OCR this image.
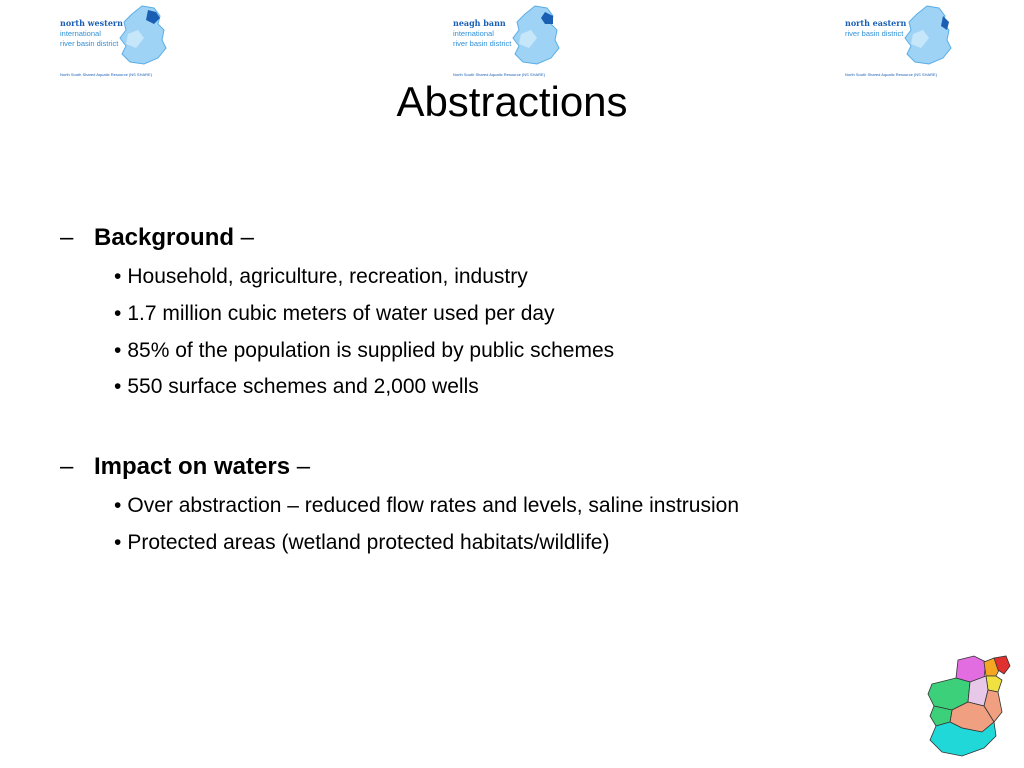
north western
international
river basin district
North South Shared Aquatic Resource (NS SHARE)
neagh bann
international
river basin district
North South Shared Aquatic Resource (NS SHARE)
north eastern
river basin district
North South Shared Aquatic Resource (NS SHARE)
Abstractions
– Background –
• Household, agriculture, recreation, industry
• 1.7 million cubic meters of water used per day
• 85% of the population is supplied by public schemes
• 550 surface schemes and 2,000 wells
– Impact on waters –
• Over abstraction – reduced flow rates and levels, saline instrusion
• Protected areas (wetland protected habitats/wildlife)
